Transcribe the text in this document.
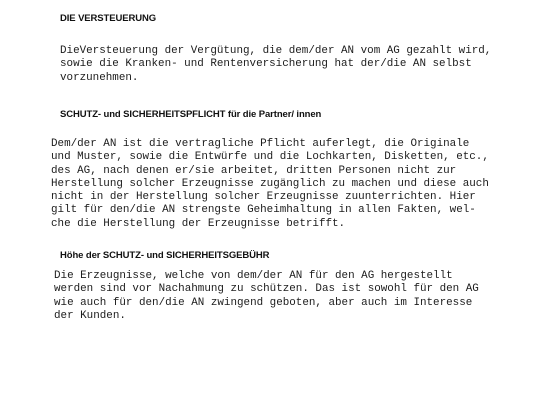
DIE VERSTEUERUNG
DieVersteuerung der Vergütung, die dem/der AN vom AG gezahlt wird,
sowie die Kranken- und Rentenversicherung hat der/die AN selbst
vorzunehmen.
SCHUTZ- und SICHERHEITSPFLICHT für die Partner/ innen
Dem/der AN ist die vertragliche Pflicht auferlegt, die Originale
und Muster, sowie die Entwürfe und die Lochkarten, Disketten, etc.,
des AG, nach denen er/sie arbeitet, dritten Personen nicht zur
Herstellung solcher Erzeugnisse zugänglich zu machen und diese auch
nicht in der Herstellung solcher Erzeugnisse zuunterrichten. Hier
gilt für den/die AN strengste Geheimhaltung in allen Fakten, wel-
che die Herstellung der Erzeugnisse betrifft.
Höhe der SCHUTZ- und SICHERHEITSGEBÜHR
Die Erzeugnisse, welche von dem/der AN für den AG hergestellt
werden sind vor Nachahmung zu schützen. Das ist sowohl für den AG
wie auch für den/die AN zwingend geboten, aber auch im Interesse
der Kunden.
